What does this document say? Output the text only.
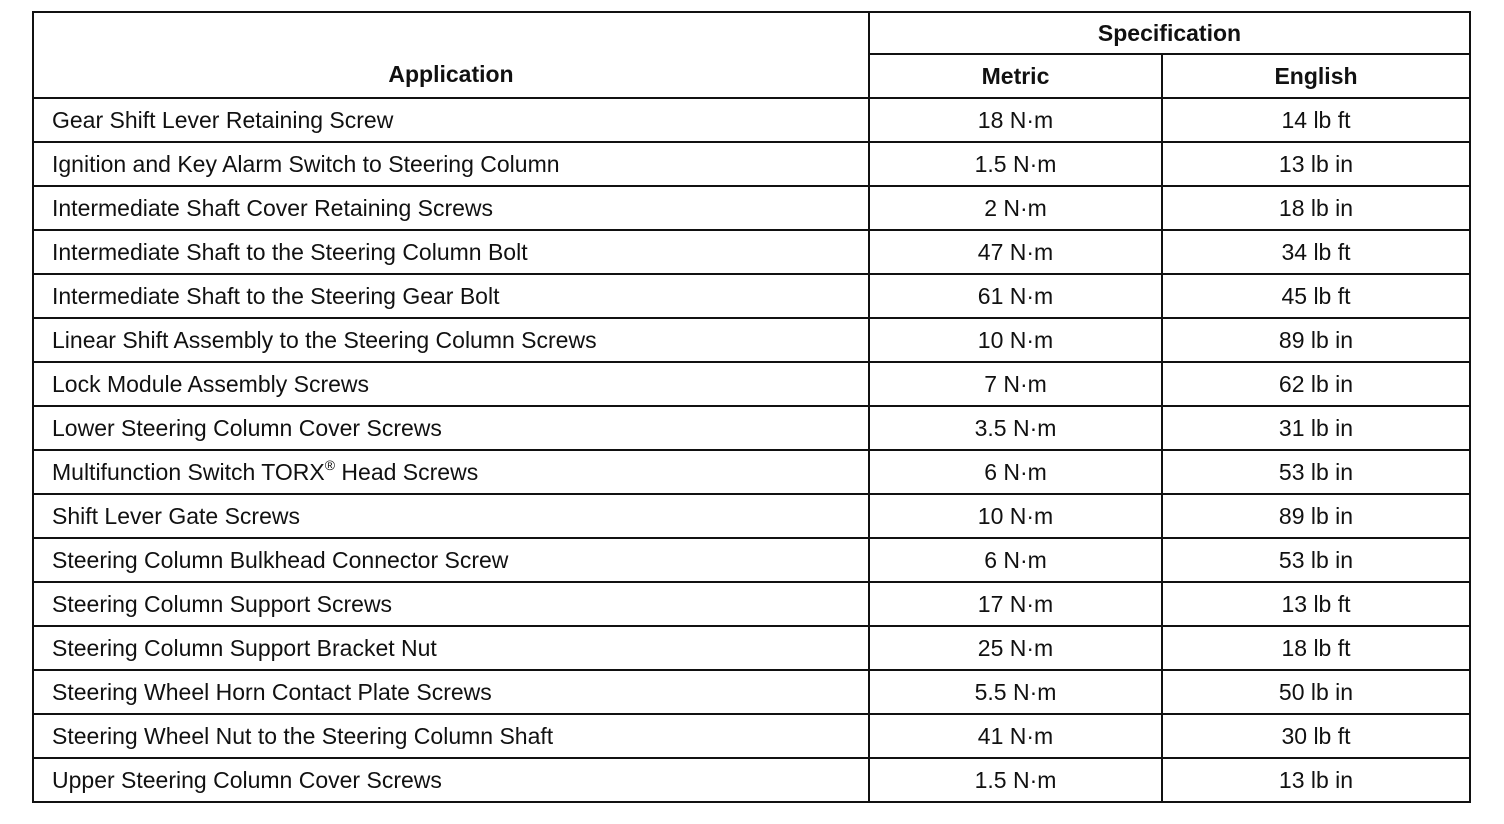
Application	Specification	
	Metric	English
Gear Shift Lever Retaining Screw	18 N·m	14 lb ft
Ignition and Key Alarm Switch to Steering Column	1.5 N·m	13 lb in
Intermediate Shaft Cover Retaining Screws	2 N·m	18 lb in
Intermediate Shaft to the Steering Column Bolt	47 N·m	34 lb ft
Intermediate Shaft to the Steering Gear Bolt	61 N·m	45 lb ft
Linear Shift Assembly to the Steering Column Screws	10 N·m	89 lb in
Lock Module Assembly Screws	7 N·m	62 lb in
Lower Steering Column Cover Screws	3.5 N·m	31 lb in
Multifunction Switch TORX® Head Screws	6 N·m	53 lb in
Shift Lever Gate Screws	10 N·m	89 lb in
Steering Column Bulkhead Connector Screw	6 N·m	53 lb in
Steering Column Support Screws	17 N·m	13 lb ft
Steering Column Support Bracket Nut	25 N·m	18 lb ft
Steering Wheel Horn Contact Plate Screws	5.5 N·m	50 lb in
Steering Wheel Nut to the Steering Column Shaft	41 N·m	30 lb ft
Upper Steering Column Cover Screws	1.5 N·m	13 lb in
